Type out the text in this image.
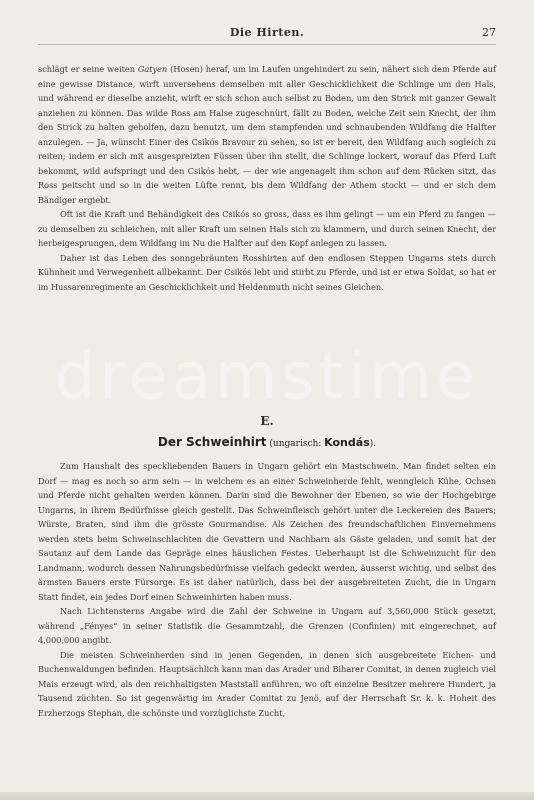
Die Hirten.	27

schlägt er seine weiten Gatyen (Hosen) heraf, um im Laufen ungehindert zu sein, nähert sich dem Pferde auf eine gewisse Distance, wirft unversehens demselben mit aller Geschicklichkeit die Schlinge um den Hals, und während er dieselbe anzieht, wirft er sich schon auch selbst zu Boden, um den Strick mit ganzer Gewalt anziehen zu können. Das wilde Ross am Halse zugeschnürt, fällt zu Boden, welche Zeit sein Knecht, der ihm den Strick zu halten geholfen, dazu benutzt, um dem stampfenden und schnaubenden Wildfang die Halfter anzulegen. — Ja, wünscht Einer des Csikós Bravour zu sehen, so ist er bereit, den Wildfang auch sogleich zu reiten; indem er sich mit ausgespreizten Füssen über ihn stellt, die Schlinge lockert, worauf das Pferd Luft bekommt, wild aufspringt und den Csikós hebt, — der wie angenagelt ihm schon auf dem Rücken sitzt, das Ross peitscht und so in die weiten Lüfte rennt, bis dem Wildfang der Athem stockt — und er sich dem Bändiger ergiebt.

Oft ist die Kraft und Behändigkeit des Csikós so gross, dass es ihm gelingt — um ein Pferd zu fangen — zu demselben zu schleichen, mit aller Kraft um seinen Hals sich zu klammern, und durch seinen Knecht, der herbeigesprungen, dem Wildfang im Nu die Halfter auf den Kopf anlegen zu lassen.

Daher ist das Leben des sonngebräunten Rosshirten auf den endlosen Steppen Ungarns stets durch Kühnheit und Verwegenheit allbekannt. Der Csikós lebt und stirbt zu Pferde, und ist er etwa Soldat, so hat er im Hussarenregimente an Geschicklichkeit und Heldenmuth nicht seines Gleichen.

dreamstime
E.
Der Schweinhirt (ungarisch: Kondás).

Zum Haushalt des speckliebenden Bauers in Ungarn gehört ein Mastschwein. Man findet selten ein Dorf — mag es noch so arm sein — in welchem es an einer Schweinherde fehlt, wenngleich Kühe, Ochsen und Pferde nicht gehalten werden können. Darin sind die Bewohner der Ebenen, so wie der Hochgebirge Ungarns, in ihrem Bedürfnisse gleich gestellt. Das Schweinfleisch gehört unter die Leckereien des Bauers; Würste, Braten, sind ihm die grösste Gourmandise. Als Zeichen des freundschaftlichen Einvernehmens werden stets beim Schweinschlachten die Gevattern und Nachbarn als Gäste geladen, und somit hat der Sautanz auf dem Lande das Gepräge eines häuslichen Festes. Ueberhaupt ist die Schweinzucht für den Landmann, wodurch dessen Nahrungsbedürfnisse vielfach gedeckt werden, äusserst wichtig, und selbst des ärmsten Bauers erste Fürsorge. Es ist daher natürlich, dass bei der ausgebreiteten Zucht, die in Ungarn Statt findet, ein jedes Dorf einen Schweinhirten haben muss.

Nach Lichtensterns Angabe wird die Zahl der Schweine in Ungarn auf 3,560,000 Stück gesetzt, während „Fényes“ in seiner Statistik die Gesammtzahl, die Grenzen (Confinien) mit eingerechnet, auf 4,000,000 angibt.

Die meisten Schweinherden sind in jenen Gegenden, in denen sich ausgebreitete Eichen- und Buchenwaldungen befinden. Hauptsächlich kann man das Arader und Biharer Comitat, in denen zugleich viel Mais erzeugt wird, als den reichhaltigsten Maststall anführen, wo oft einzelne Besitzer mehrere Hundert, ja Tausend züchten. So ist gegenwärtig im Arader Comitat zu Jenö, auf der Herrschaft Sr. k. k. Hoheit des Erzherzogs Stephan, die schönste und vorzüglichste Zucht,
